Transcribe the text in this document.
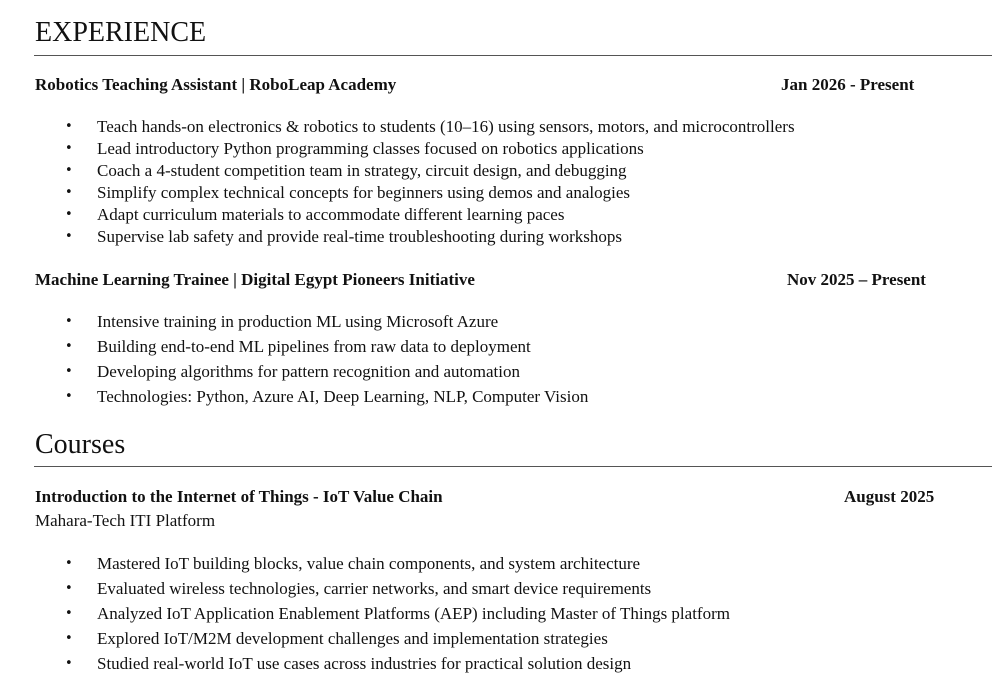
EXPERIENCE
Robotics Teaching Assistant | RoboLeap Academy	Jan 2026 - Present
• Teach hands-on electronics & robotics to students (10–16) using sensors, motors, and microcontrollers
• Lead introductory Python programming classes focused on robotics applications
• Coach a 4-student competition team in strategy, circuit design, and debugging
• Simplify complex technical concepts for beginners using demos and analogies
• Adapt curriculum materials to accommodate different learning paces
• Supervise lab safety and provide real-time troubleshooting during workshops
Machine Learning Trainee | Digital Egypt Pioneers Initiative	Nov 2025 – Present
• Intensive training in production ML using Microsoft Azure
• Building end-to-end ML pipelines from raw data to deployment
• Developing algorithms for pattern recognition and automation
• Technologies: Python, Azure AI, Deep Learning, NLP, Computer Vision
Courses
Introduction to the Internet of Things - IoT Value Chain	August 2025
Mahara-Tech ITI Platform
• Mastered IoT building blocks, value chain components, and system architecture
• Evaluated wireless technologies, carrier networks, and smart device requirements
• Analyzed IoT Application Enablement Platforms (AEP) including Master of Things platform
• Explored IoT/M2M development challenges and implementation strategies
• Studied real-world IoT use cases across industries for practical solution design
